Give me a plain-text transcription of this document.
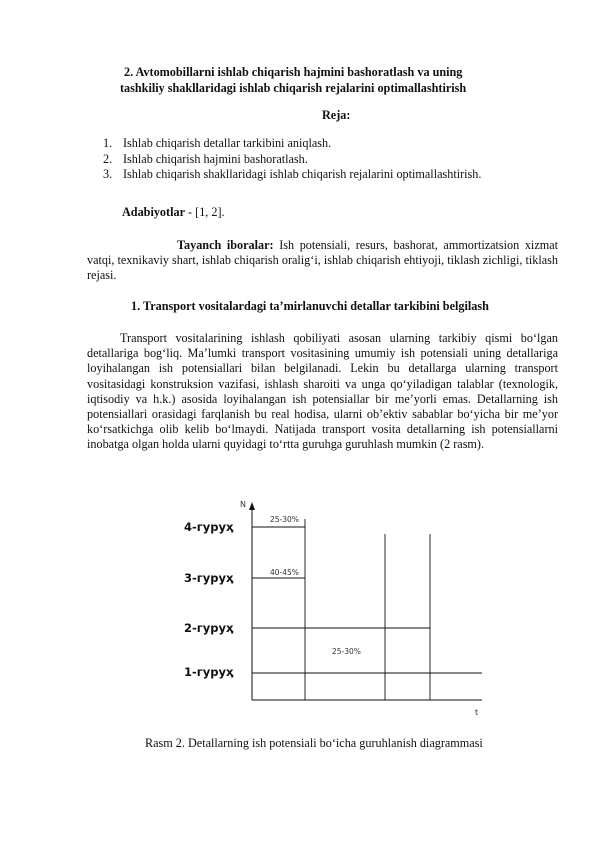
2. Avtomobillarni ishlab chiqarish hajmini bashoratlash va uning
tashkiliy shakllaridagi ishlab chiqarish rejalarini optimallashtirish
Reja:
1. Ishlab chiqarish detallar tarkibini aniqlash.
2. Ishlab chiqarish hajmini bashoratlash.
3. Ishlab chiqarish shakllaridagi ishlab chiqarish rejalarini optimallashtirish.
Adabiyotlar - [1, 2].
Tayanch iboralar: Ish potensiali, resurs, bashorat, ammortizatsion xizmat vatqi, texnikaviy shart, ishlab chiqarish oralig‘i, ishlab chiqarish ehtiyoji, tiklash zichligi, tiklash rejasi.
1. Transport vositalardagi ta’mirlanuvchi detallar tarkibini belgilash
Transport vositalarining ishlash qobiliyati asosan ularning tarkibiy qismi bo‘lgan detallariga bog‘liq. Ma’lumki transport vositasining umumiy ish potensiali uning detallariga loyihalangan ish potensiallari bilan belgilanadi. Lekin bu detallarga ularning transport vositasidagi konstruksion vazifasi, ishlash sharoiti va unga qo‘yiladigan talablar (texnologik, iqtisodiy va h.k.) asosida loyihalangan ish potensiallar bir me’yorli emas. Detallarning ish potensiallari orasidagi farqlanish bu real hodisa, ularni ob’ektiv sabablar bo‘yicha bir me’yor ko‘rsatkichga olib kelib bo‘lmaydi. Natijada transport vosita detallarning ish potensiallarni inobatga olgan holda ularni quyidagi to‘rtta guruhga guruhlash mumkin (2 rasm).
N
t
4-гуруҳ
3-гуруҳ
2-гуруҳ
1-гуруҳ
25-30%
40-45%
25-30%
Rasm 2. Detallarning ish potensiali bo‘icha guruhlanish diagrammasi
